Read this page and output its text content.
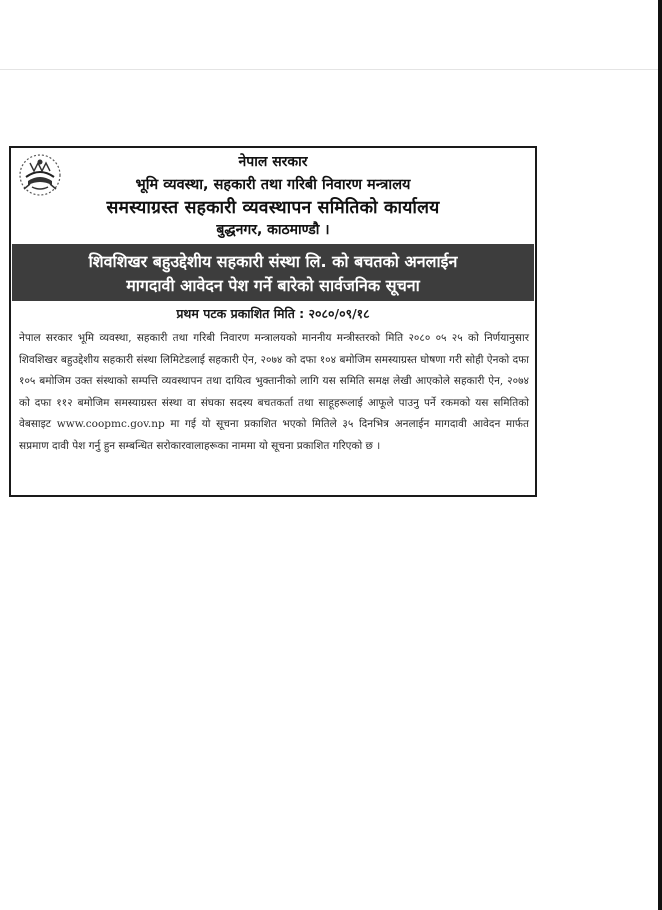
नेपाल सरकार
भूमि व्यवस्था, सहकारी तथा गरिबी निवारण मन्त्रालय
समस्याग्रस्त सहकारी व्यवस्थापन समितिको कार्यालय
बुद्धनगर, काठमाण्डौ ।
शिवशिखर बहुउद्देशीय सहकारी संस्था लि. को बचतको अनलाईन
मागदावी आवेदन पेश गर्ने बारेको सार्वजनिक सूचना
प्रथम पटक प्रकाशित मिति : २०८०/०९/१८

नेपाल सरकार भूमि व्यवस्था, सहकारी तथा गरिबी निवारण मन्त्रालयको माननीय मन्त्रीस्तरको मिति २०८० ०५ २५ को निर्णयानुसार शिवशिखर बहुउद्देशीय सहकारी संस्था लिमिटेडलाई सहकारी ऐन, २०७४ को दफा १०४ बमोजिम समस्याग्रस्त घोषणा गरी सोही ऐनको दफा १०५ बमोजिम उक्त संस्थाको सम्पत्ति व्यवस्थापन तथा दायित्व भुक्तानीको लागि यस समिति समक्ष लेखी आएकोले सहकारी ऐन, २०७४ को दफा ११२ बमोजिम समस्याग्रस्त संस्था वा संघका सदस्य बचतकर्ता तथा साहूहरूलाई आफूले पाउनु पर्ने रकमको यस समितिको वेबसाइट www.coopmc.gov.np मा गई यो सूचना प्रकाशित भएको मितिले ३५ दिनभित्र अनलाईन मागदावी आवेदन मार्फत सप्रमाण दावी पेश गर्नु हुन सम्बन्धित सरोकारवालाहरूका नाममा यो सूचना प्रकाशित गरिएको छ ।
